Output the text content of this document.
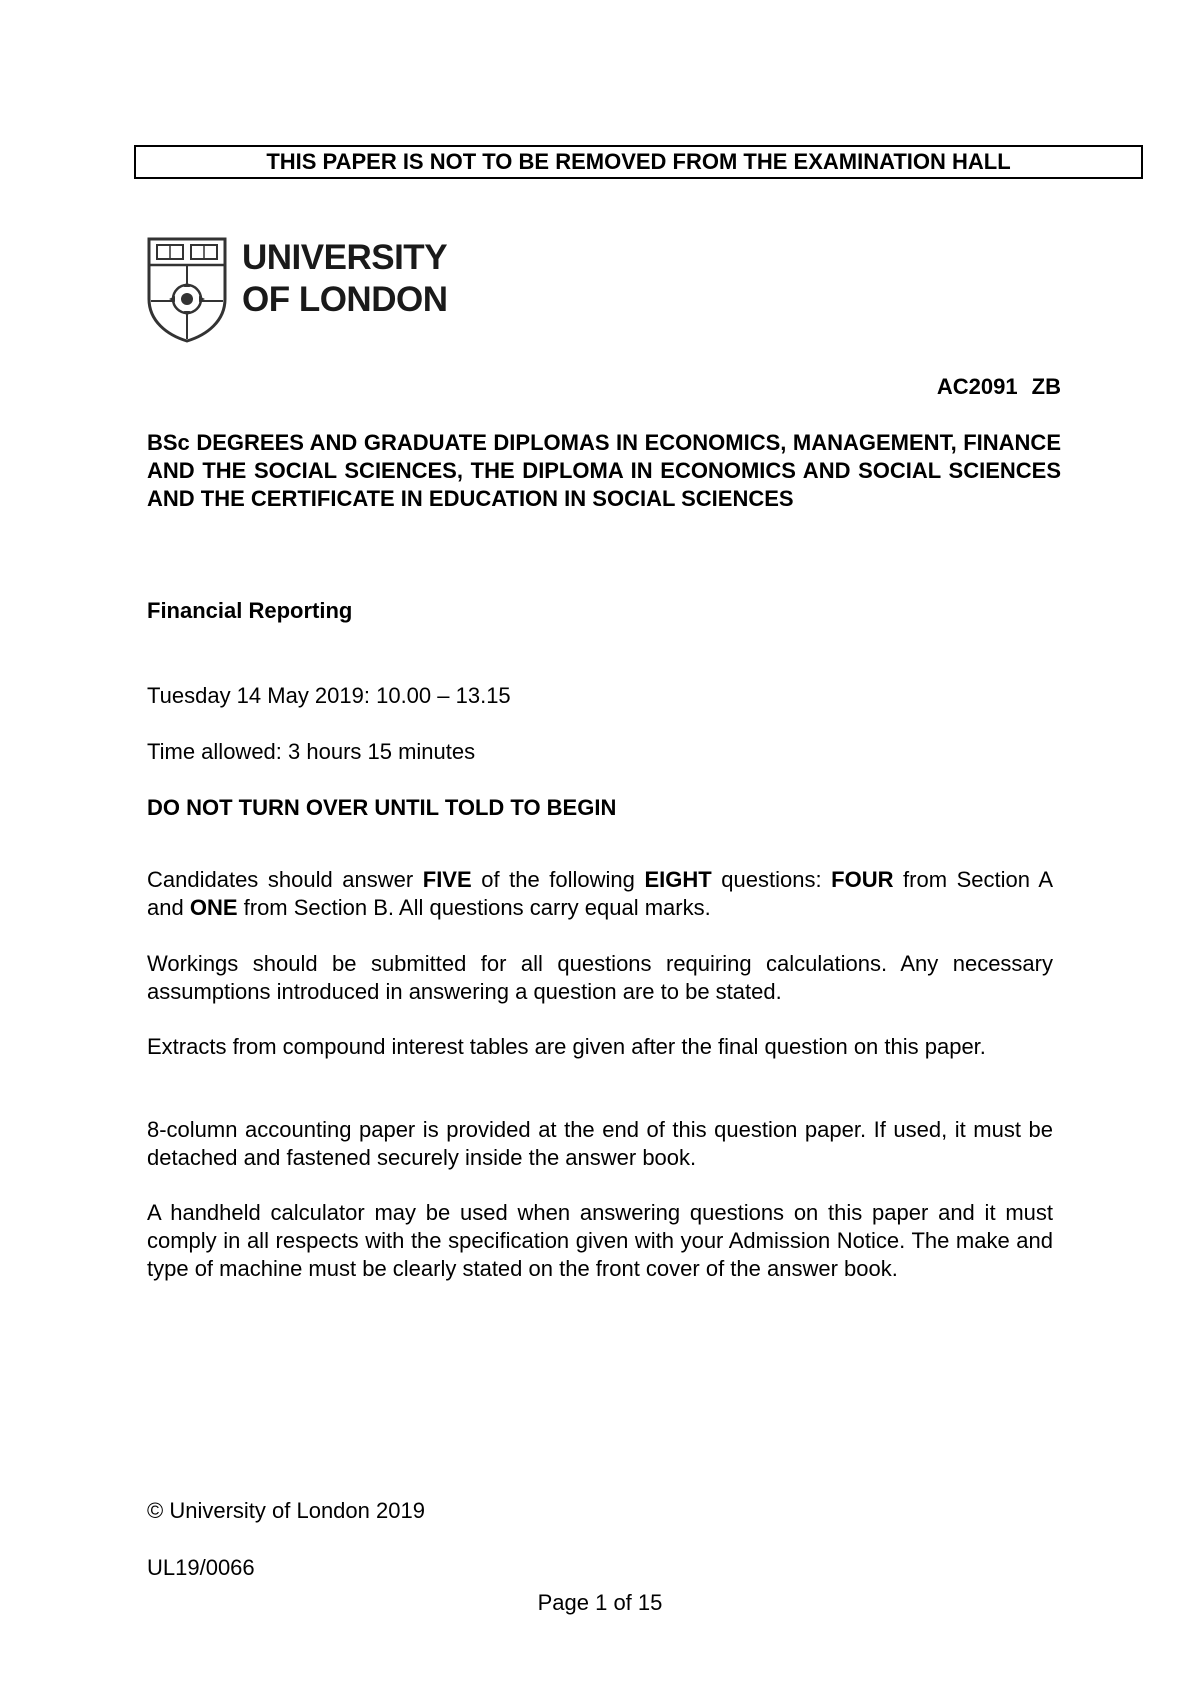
THIS PAPER IS NOT TO BE REMOVED FROM THE EXAMINATION HALL
UNIVERSITY
OF LONDON
AC2091 ZB
BSc DEGREES AND GRADUATE DIPLOMAS IN ECONOMICS, MANAGEMENT, FINANCE AND THE SOCIAL SCIENCES, THE DIPLOMA IN ECONOMICS AND SOCIAL SCIENCES AND THE CERTIFICATE IN EDUCATION IN SOCIAL SCIENCES
Financial Reporting
Tuesday 14 May 2019: 10.00 – 13.15
Time allowed: 3 hours 15 minutes
DO NOT TURN OVER UNTIL TOLD TO BEGIN
Candidates should answer FIVE of the following EIGHT questions: FOUR from Section A and ONE from Section B. All questions carry equal marks.
Workings should be submitted for all questions requiring calculations. Any necessary assumptions introduced in answering a question are to be stated.
Extracts from compound interest tables are given after the final question on this paper.
8-column accounting paper is provided at the end of this question paper. If used, it must be detached and fastened securely inside the answer book.
A handheld calculator may be used when answering questions on this paper and it must comply in all respects with the specification given with your Admission Notice. The make and type of machine must be clearly stated on the front cover of the answer book.
© University of London 2019
UL19/0066
Page 1 of 15
